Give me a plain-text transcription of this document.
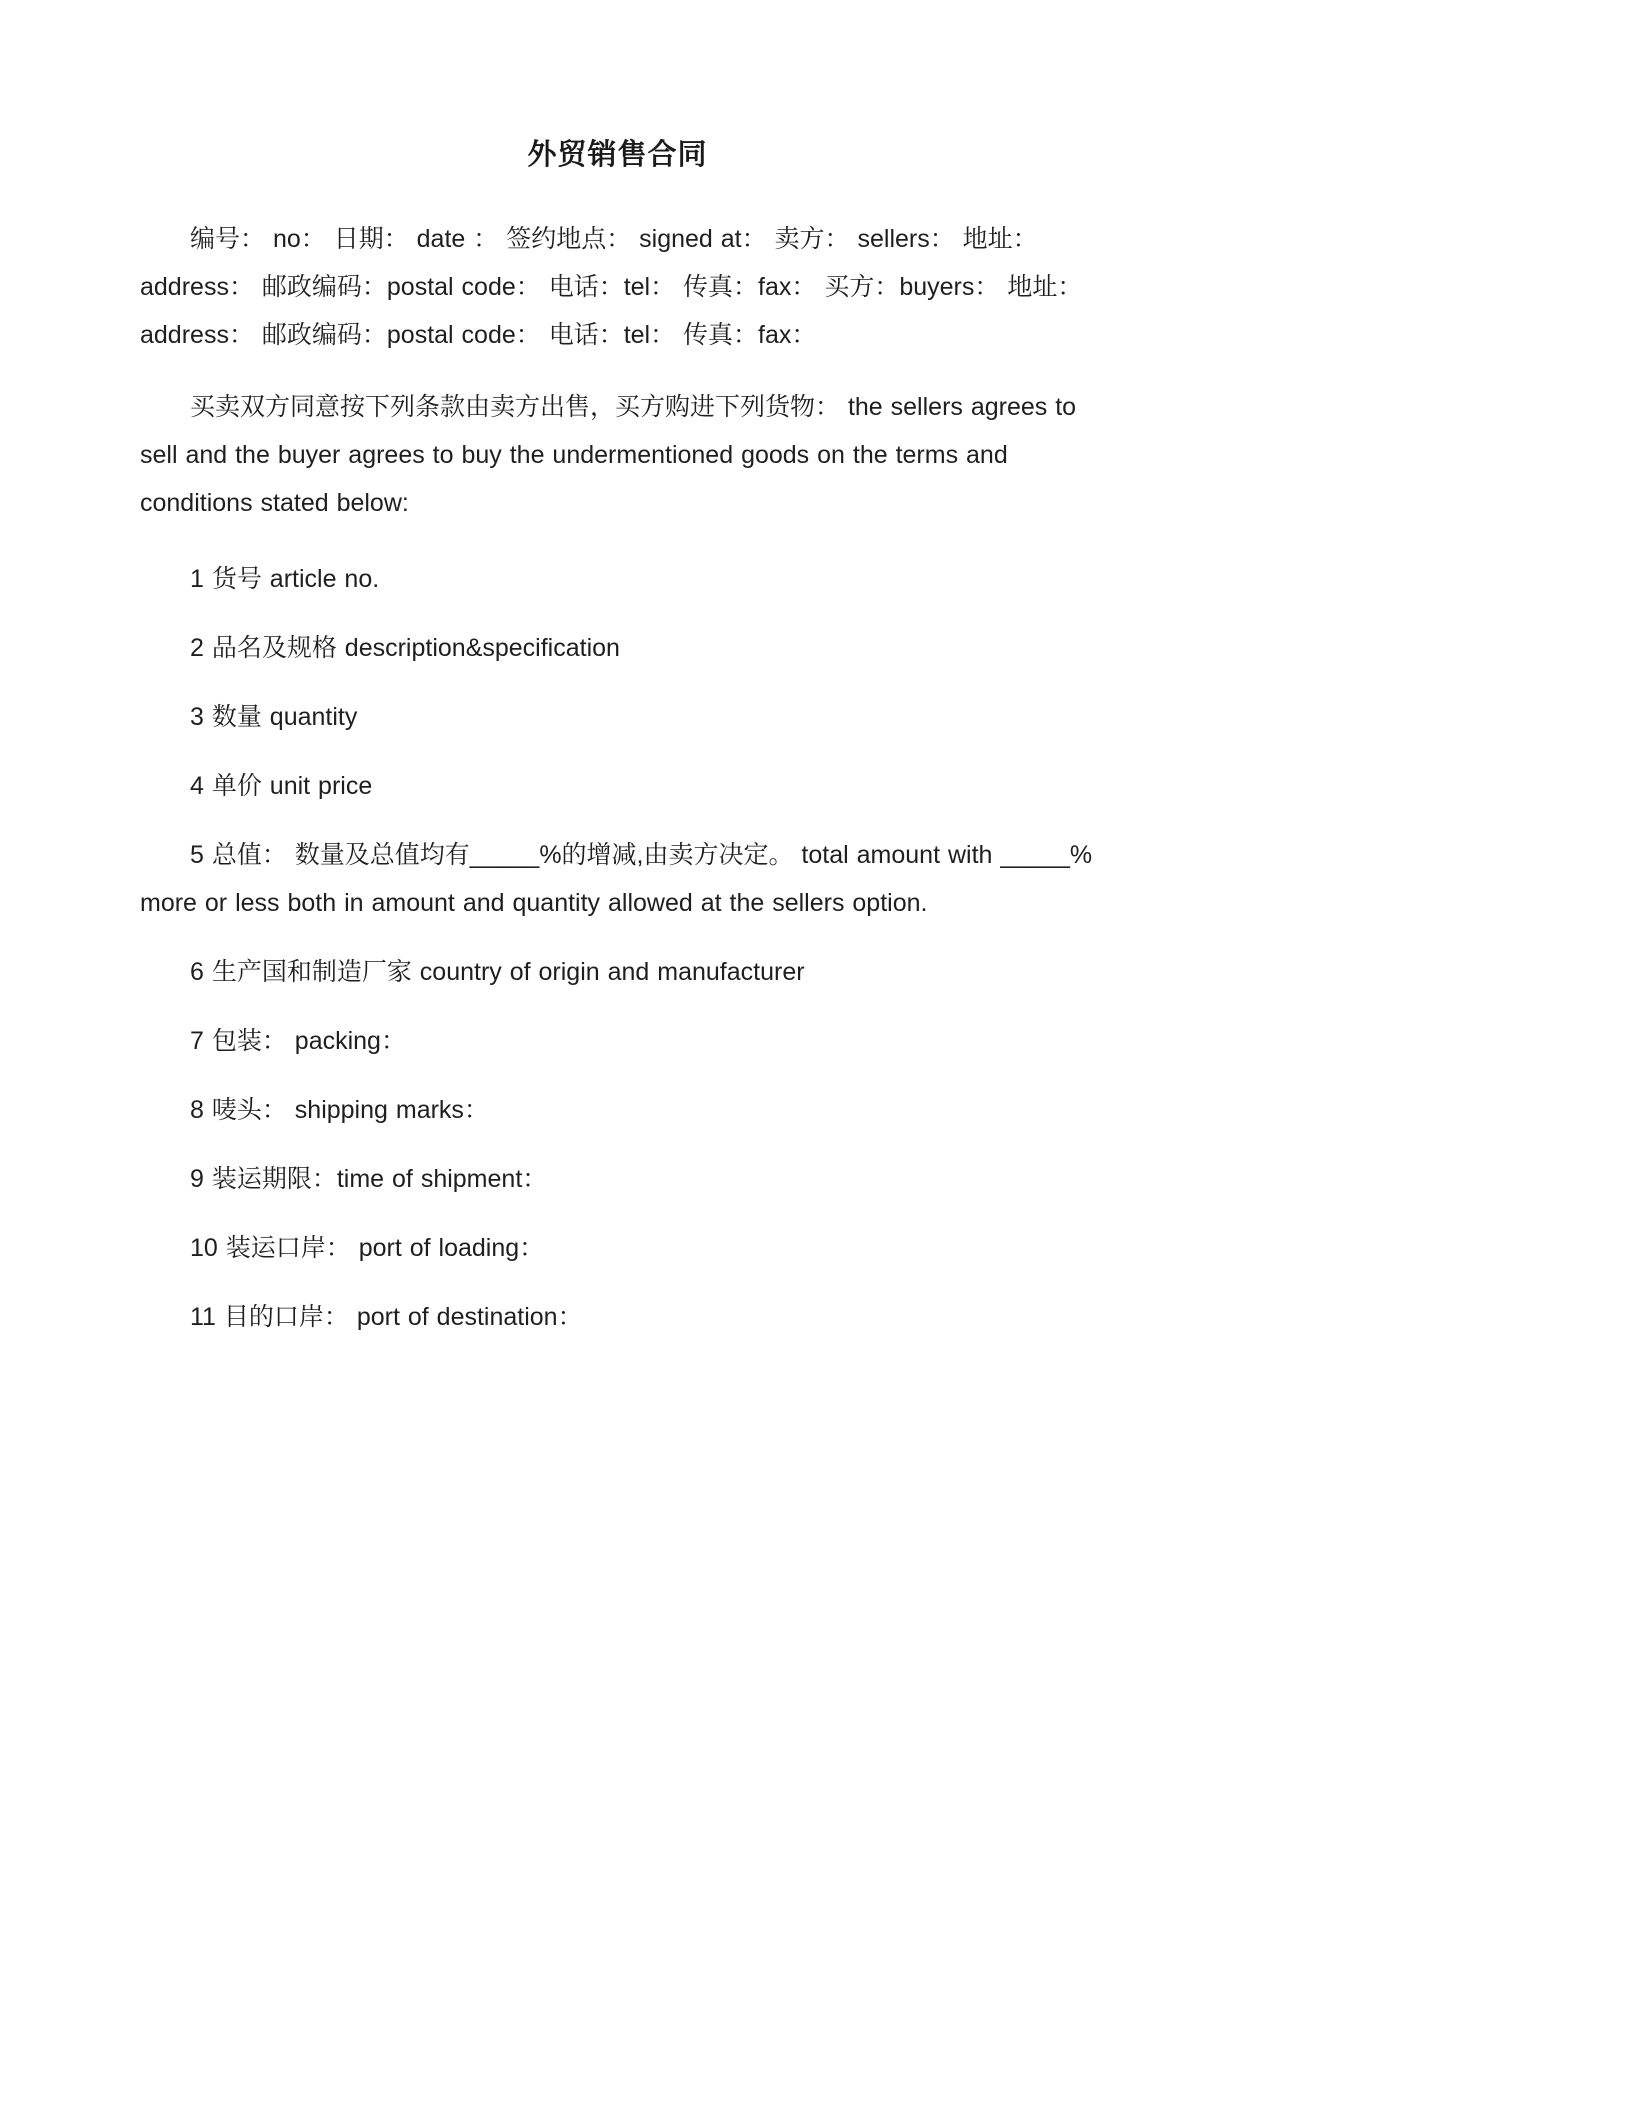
外贸销售合同

编号： no： 日期： date ： 签约地点： signed at： 卖方： sellers： 地址： address： 邮政编码：postal code： 电话：tel： 传真：fax： 买方：buyers： 地址： address： 邮政编码：postal code： 电话：tel： 传真：fax：

买卖双方同意按下列条款由卖方出售，买方购进下列货物： the sellers agrees to sell and the buyer agrees to buy the undermentioned goods on the terms and conditions stated below:

1 货号 article no.

2 品名及规格 description&specification

3 数量 quantity

4 单价 unit price

5 总值： 数量及总值均有_____%的增减,由卖方决定。 total amount with _____% more or less both in amount and quantity allowed at the sellers option.

6 生产国和制造厂家 country of origin and manufacturer

7 包装： packing：

8 唛头： shipping marks：

9 装运期限：time of shipment：

10 装运口岸： port of loading：

11 目的口岸： port of destination：
